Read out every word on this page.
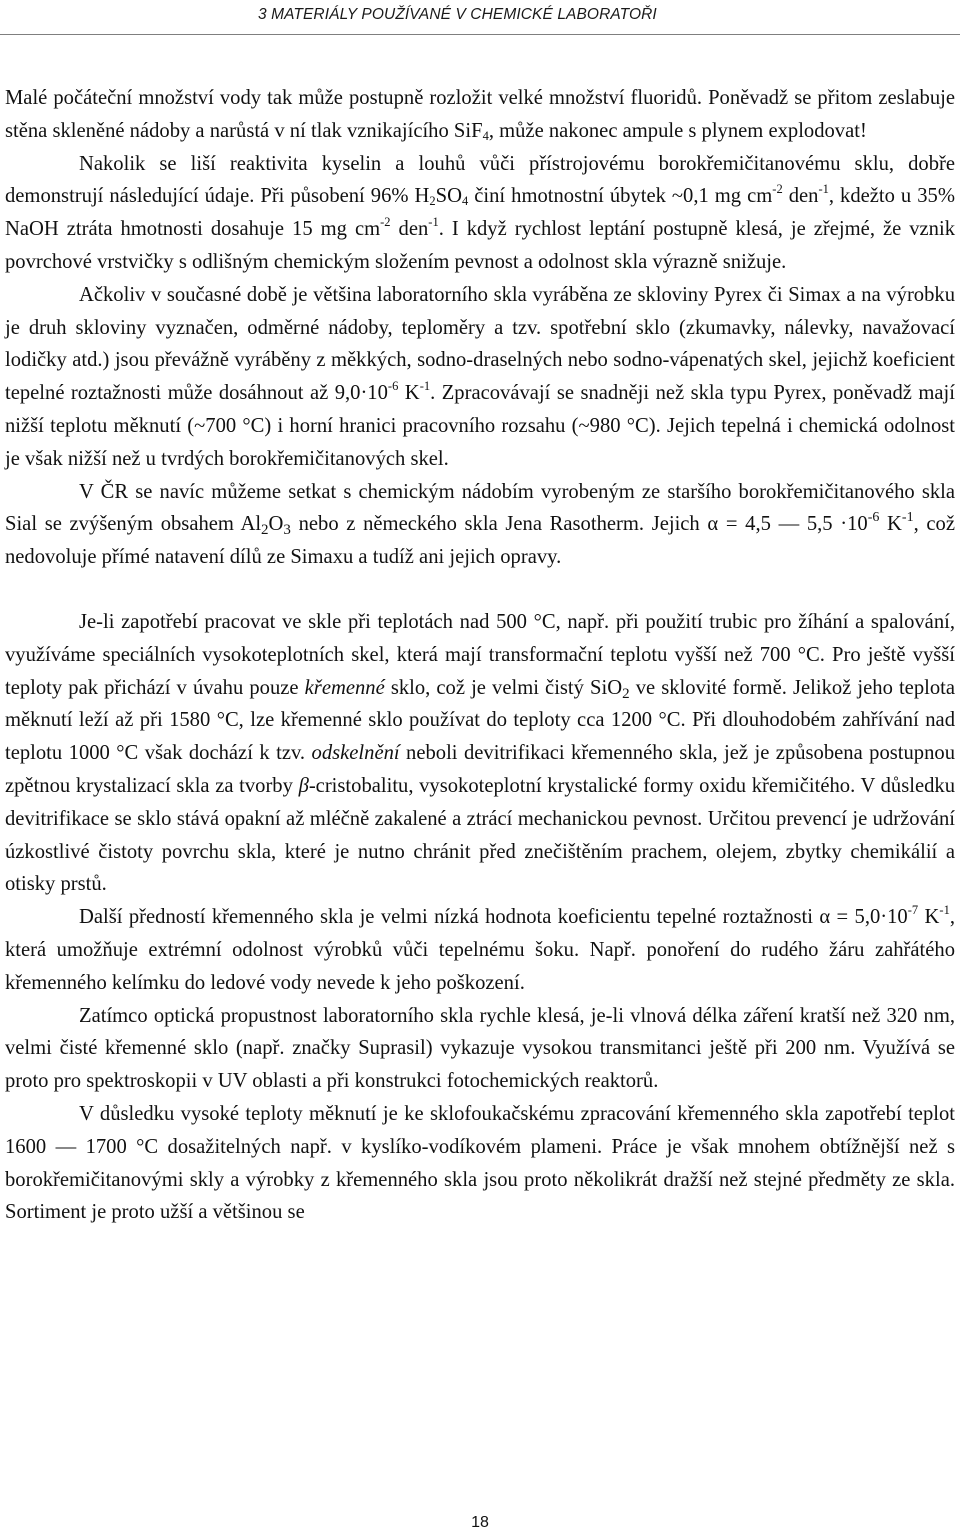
3 MATERIÁLY POUŽÍVANÉ V CHEMICKÉ LABORATOŘI

Malé počáteční množství vody tak může postupně rozložit velké množství fluoridů. Poněvadž se přitom zeslabuje stěna skleněné nádoby a narůstá v ní tlak vznikajícího SiF$_4$, může nakonec ampule s plynem explodovat!

Nakolik se liší reaktivita kyselin a louhů vůči přístrojovému borokřemičitanovému sklu, dobře demonstrují následující údaje. Při působení 96% $H_2SO_4$ činí hmotnostní úbytek ~0,1 mg $cm^{-2}$ den$^{-1}$, kdežto u 35% NaOH ztráta hmotnosti dosahuje 15 mg $cm^{-2}$ den$^{-1}$. I když rychlost leptání postupně klesá, je zřejmé, že vznik povrchové vrstvičky s odlišným chemickým složením pevnost a odolnost skla výrazně snižuje.

Ačkoliv v současné době je většina laboratorního skla vyráběna ze skloviny Pyrex či Simax a na výrobku je druh skloviny vyznačen, odměrné nádoby, teploměry a tzv. spotřební sklo (zkumavky, nálevky, navažovací lodičky atd.) jsou převážně vyráběny z měkkých, sodno-draselných nebo sodno-vápenatých skel, jejichž koeficient tepelné roztažnosti může dosáhnout až $9,0\cdot 10^{-6}$ $K^{-1}$. Zpracovávají se snadněji než skla typu Pyrex, poněvadž mají nižší teplotu měknutí (~700 °C) i horní hranici pracovního rozsahu (~980 °C). Jejich tepelná i chemická odolnost je však nižší než u tvrdých borokřemičitanových skel.

V ČR se navíc můžeme setkat s chemickým nádobím vyrobeným ze staršího borokřemičitanového skla Sial se zvýšeným obsahem $Al_2O_3$ nebo z německého skla Jena Rasotherm. Jejich α = 4,5 — $5,5 \cdot 10^{-6}$ $K^{-1}$, což nedovoluje přímé natavení dílů ze Simaxu a tudíž ani jejich opravy.

Je-li zapotřebí pracovat ve skle při teplotách nad 500 °C, např. při použití trubic pro žíhání a spalování, využíváme speciálních vysokoteplotních skel, která mají transformační teplotu vyšší než 700 °C. Pro ještě vyšší teploty pak přichází v úvahu pouze křemenné sklo, což je velmi čistý SiO$_2$ ve sklovité formě. Jelikož jeho teplota měknutí leží až při 1580 °C, lze křemenné sklo používat do teploty cca 1200 °C. Při dlouhodobém zahřívání nad teplotu 1000 °C však dochází k tzv. odskelnění neboli devitrifikaci křemenného skla, jež je způsobena postupnou zpětnou krystalizací skla za tvorby β-cristobalitu, vysokoteplotní krystalické formy oxidu křemičitého. V důsledku devitrifikace se sklo stává opakní až mléčně zakalené a ztrácí mechanickou pevnost. Určitou prevencí je udržování úzkostlivé čistoty povrchu skla, které je nutno chránit před znečištěním prachem, olejem, zbytky chemikálií a otisky prstů.

Další předností křemenného skla je velmi nízká hodnota koeficientu tepelné roztažnosti $\alpha = 5,0\cdot 10^{-7}$ $K^{-1}$, která umožňuje extrémní odolnost výrobků vůči tepelnému šoku. Např. ponoření do rudého žáru zahřátého křemenného kelímku do ledové vody nevede k jeho poškození.

Zatímco optická propustnost laboratorního skla rychle klesá, je-li vlnová délka záření kratší než 320 nm, velmi čisté křemenné sklo (např. značky Suprasil) vykazuje vysokou transmitanci ještě při 200 nm. Využívá se proto pro spektroskopii v UV oblasti a při konstrukci fotochemických reaktorů.

V důsledku vysoké teploty měknutí je ke sklofoukačskému zpracování křemenného skla zapotřebí teplot 1600 — 1700 °C dosažitelných např. v kyslíko-vodíkovém plameni. Práce je však mnohem obtížnější než s borokřemičitanovými skly a výrobky z křemenného skla jsou proto několikrát dražší než stejné předměty ze skla. Sortiment je proto užší a většinou se

18
